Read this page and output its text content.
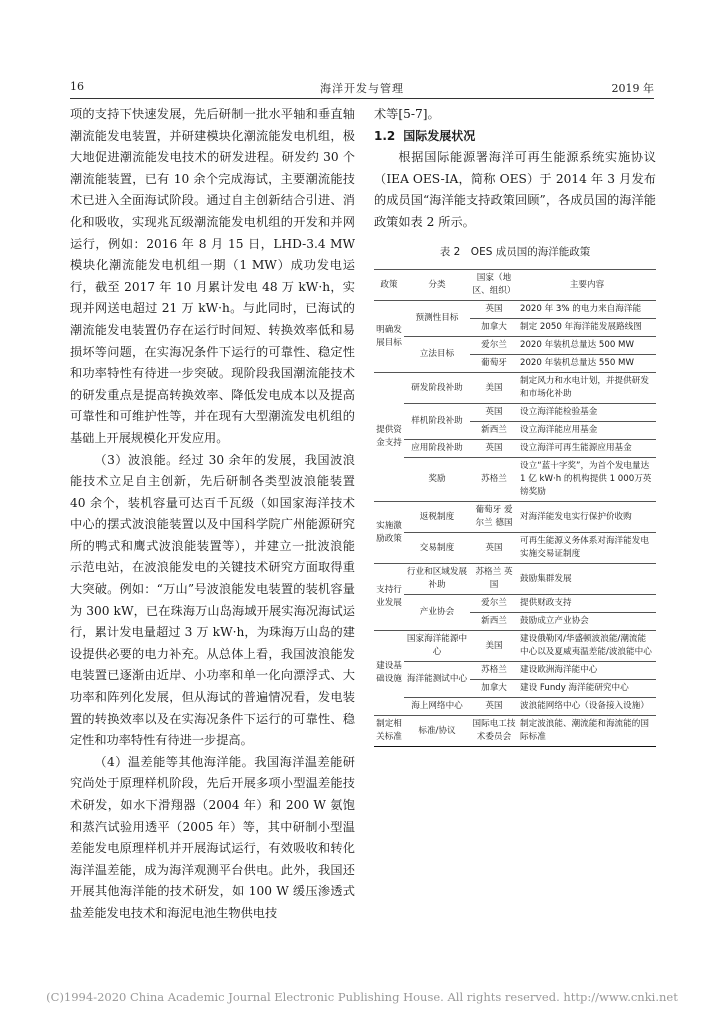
16	海洋开发与管理	2019 年

项的支持下快速发展，先后研制一批水平轴和垂直轴潮流能发电装置，并研建模块化潮流能发电机组，极大地促进潮流能发电技术的研发进程。研发约 30 个潮流能装置，已有 10 余个完成海试，主要潮流能技术已进入全面海试阶段。通过自主创新结合引进、消化和吸收，实现兆瓦级潮流能发电机组的开发和并网运行，例如：2016 年 8 月 15 日，LHD-3.4 MW 模块化潮流能发电机组一期（1 MW）成功发电运行，截至 2017 年 10 月累计发电 48 万 kW·h，实现并网送电超过 21 万 kW·h。与此同时，已海试的潮流能发电装置仍存在运行时间短、转换效率低和易损坏等问题，在实海况条件下运行的可靠性、稳定性和功率特性有待进一步突破。现阶段我国潮流能技术的研发重点是提高转换效率、降低发电成本以及提高可靠性和可维护性等，并在现有大型潮流发电机组的基础上开展规模化开发应用。

（3）波浪能。经过 30 余年的发展，我国波浪能技术立足自主创新，先后研制各类型波浪能装置 40 余个，装机容量可达百千瓦级（如国家海洋技术中心的摆式波浪能装置以及中国科学院广州能源研究所的鸭式和鹰式波浪能装置等），并建立一批波浪能示范电站，在波浪能发电的关键技术研究方面取得重大突破。例如：“万山”号波浪能发电装置的装机容量为 300 kW，已在珠海万山岛海域开展实海况海试运行，累计发电量超过 3 万 kW·h，为珠海万山岛的建设提供必要的电力补充。从总体上看，我国波浪能发电装置已逐渐由近岸、小功率和单一化向漂浮式、大功率和阵列化发展，但从海试的普遍情况看，发电装置的转换效率以及在实海况条件下运行的可靠性、稳定性和功率特性有待进一步提高。

（4）温差能等其他海洋能。我国海洋温差能研究尚处于原理样机阶段，先后开展多项小型温差能技术研发，如水下滑翔器（2004 年）和 200 W 氨饱和蒸汽试验用透平（2005 年）等，其中研制小型温差能发电原理样机并开展海试运行，有效吸收和转化海洋温差能，成为海洋观测平台供电。此外，我国还开展其他海洋能的技术研发，如 100 W 缓压渗透式盐差能发电技术和海泥电池生物供电技

术等[5-7]。

1.2 国际发展状况

根据国际能源署海洋可再生能源系统实施协议（IEA OES-IA，简称 OES）于 2014 年 3 月发布的成员国“海洋能支持政策回顾”，各成员国的海洋能政策如表 2 所示。

表 2　OES 成员国的海洋能政策
政策	分类	国家（地区、组织）	主要内容
明确发展目标	预测性目标	英国	2020 年 3% 的电力来自海洋能
		加拿大	制定 2050 年海洋能发展路线图
	立法目标	爱尔兰	2020 年装机总量达 500 MW
		葡萄牙	2020 年装机总量达 550 MW
提供资金支持	研发阶段补助	美国	制定风力和水电计划，并提供研发和市场化补助
	样机阶段补助	英国	设立海洋能检验基金
		新西兰	设立海洋能应用基金
	应用阶段补助	英国	设立海洋可再生能源应用基金
	奖励	苏格兰	设立“蓝十字奖”，为首个发电量达 1 亿 kW·h 的机构提供 1 000万英镑奖励
实施激励政策	返税制度	葡萄牙 爱尔兰 德国	对海洋能发电实行保护价收购
	交易制度	英国	可再生能源义务体系对海洋能发电实施交易证制度
支持行业发展	行业和区域发展补助	苏格兰 英国	鼓励集群发展
	产业协会	爱尔兰	提供财政支持
		新西兰	鼓励成立产业协会
建设基础设施	国家海洋能源中心	美国	建设俄勒冈/华盛顿波浪能/潮流能中心以及夏威夷温差能/波浪能中心
	海洋能测试中心	苏格兰	建设欧洲海洋能中心
		加拿大	建设 Fundy 海洋能研究中心
	海上网络中心	英国	波浪能网络中心（设备接入设施）
制定相关标准	标准/协议	国际电工技术委员会	制定波浪能、潮流能和海流能的国际标准
(C)1994-2020 China Academic Journal Electronic Publishing House. All rights reserved. http://www.cnki.net
